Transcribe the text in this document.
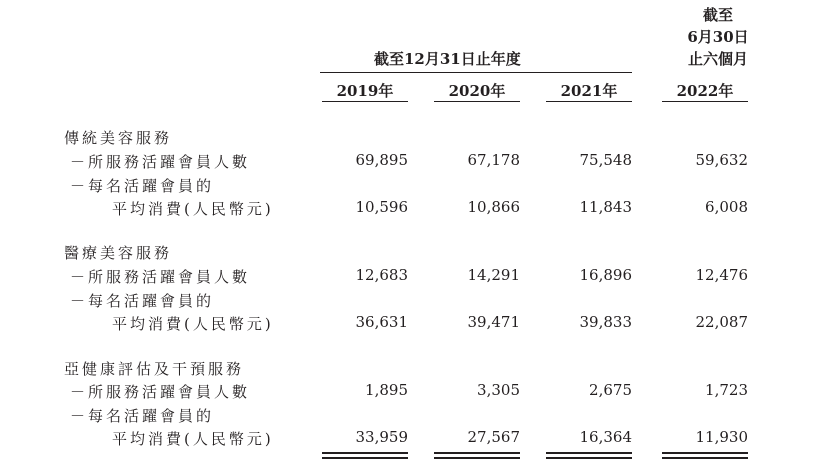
截至12月31日止年度
截至
6月30日
止六個月
2019年	2020年	2021年	2022年
傳統美容服務
－所服務活躍會員人數	69,895	67,178	75,548	59,632
－每名活躍會員的
平均消費(人民幣元)	10,596	10,866	11,843	6,008
醫療美容服務
－所服務活躍會員人數	12,683	14,291	16,896	12,476
－每名活躍會員的
平均消費(人民幣元)	36,631	39,471	39,833	22,087
亞健康評估及干預服務
－所服務活躍會員人數	1,895	3,305	2,675	1,723
－每名活躍會員的
平均消費(人民幣元)	33,959	27,567	16,364	11,930
